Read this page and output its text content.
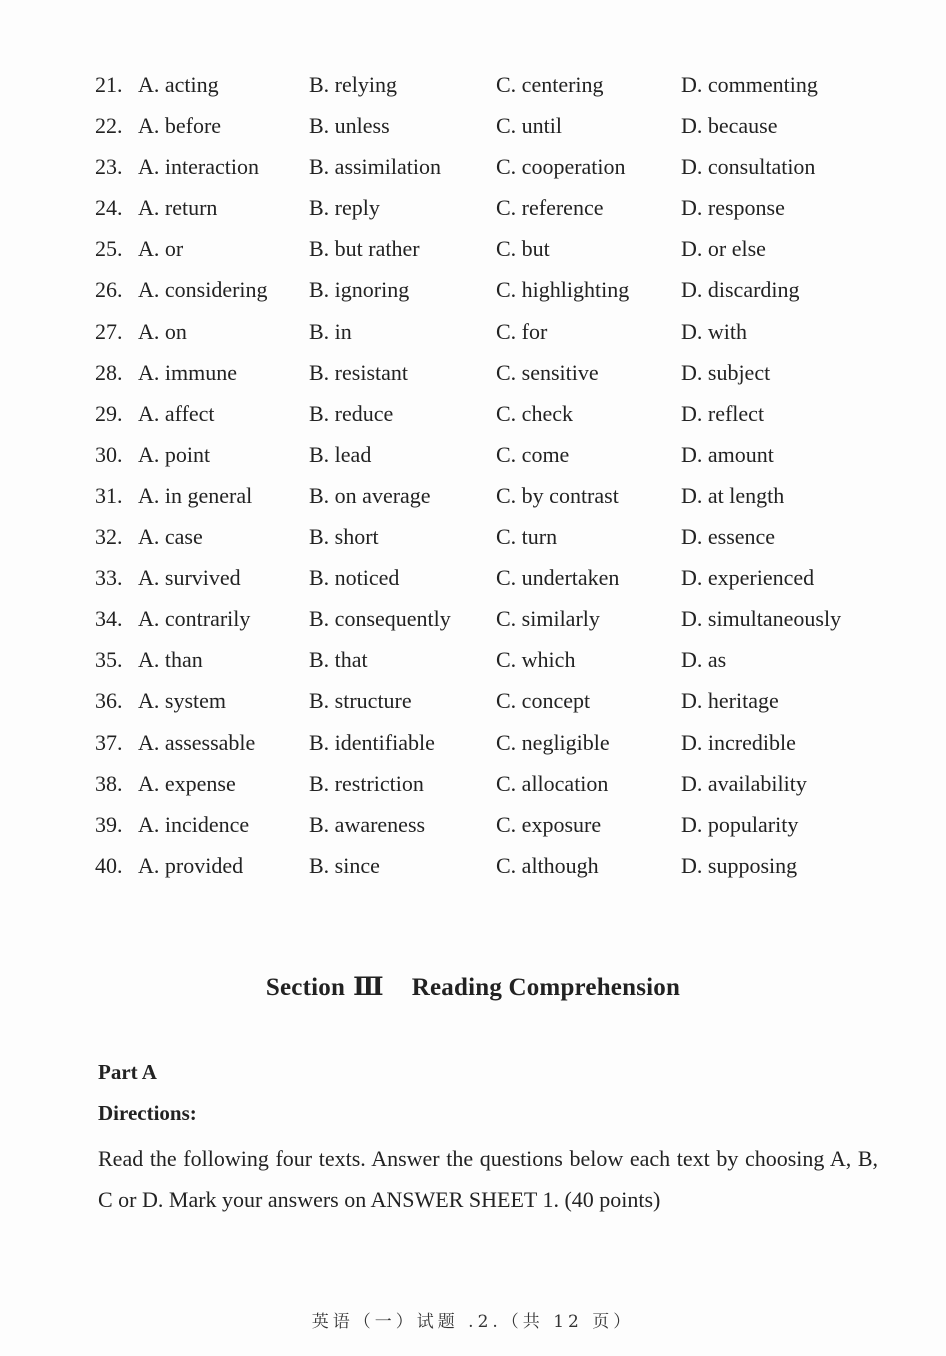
21. A. acting	B. relying	C. centering	D. commenting
22. A. before	B. unless	C. until	D. because
23. A. interaction B. assimilation	C. cooperation	D. consultation
24. A. return	B. reply	C. reference	D. response
25. A. or	B. but rather	C. but	D. or else
26. A. considering B. ignoring	C. highlighting D. discarding
27. A. on	B. in	C. for	D. with
28. A. immune	B. resistant	C. sensitive	D. subject
29. A. affect	B. reduce	C. check	D. reflect
30. A. point	B. lead	C. come	D. amount
31. A. in general	B. on average	C. by contrast	D. at length
32. A. case	B. short	C. turn	D. essence
33. A. survived	B. noticed	C. undertaken	D. experienced
34. A. contrarily	B. consequently C. similarly	D. simultaneously
35. A. than	B. that	C. which	D. as
36. A. system	B. structure	C. concept	D. heritage
37. A. assessable B. identifiable	C. negligible	D. incredible
38. A. expense	B. restriction	C. allocation	D. availability
39. A. incidence	B. awareness	C. exposure	D. popularity
40. A. provided	B. since	C. although	D. supposing
Section Ⅲ Reading Comprehension
Part A
Directions:
Read the following four texts. Answer the questions below each text by choosing A, B, C or D. Mark your answers on ANSWER SHEET 1. (40 points)
英语（一）试题 .2.（共 12 页）
